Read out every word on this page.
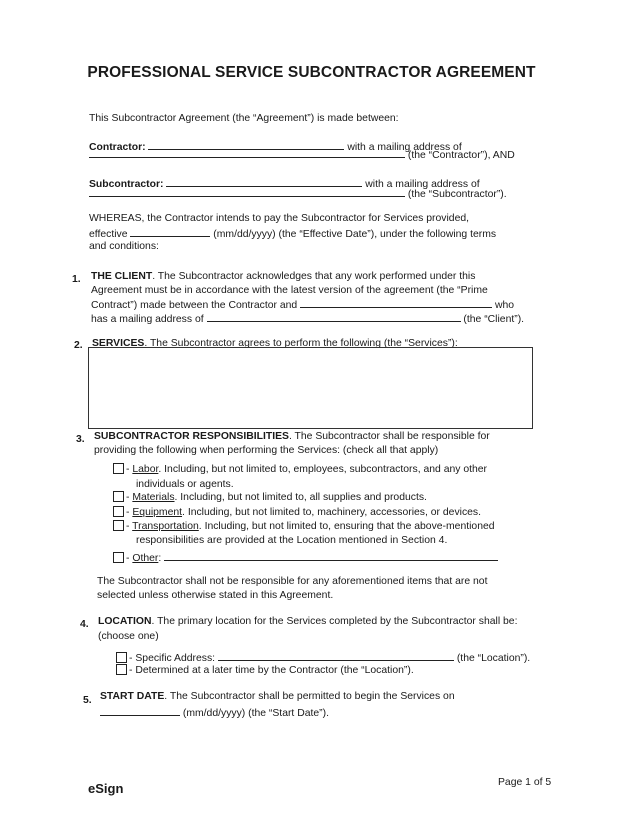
PROFESSIONAL SERVICE SUBCONTRACTOR AGREEMENT
This Subcontractor Agreement (the “Agreement”) is made between:
Contractor:	with a mailing address of
(the “Contractor”), AND
Subcontractor:	with a mailing address of
(the “Subcontractor”).
WHEREAS, the Contractor intends to pay the Subcontractor for Services provided,
effective	(mm/dd/yyyy) (the “Effective Date”), under the following terms
and conditions:
1. THE CLIENT. The Subcontractor acknowledges that any work performed under this
Agreement must be in accordance with the latest version of the agreement (the “Prime
Contract”) made between the Contractor and	who
has a mailing address of	(the “Client”).
2. SERVICES. The Subcontractor agrees to perform the following (the “Services”):
3. SUBCONTRACTOR RESPONSIBILITIES. The Subcontractor shall be responsible for
providing the following when performing the Services: (check all that apply)
- Labor. Including, but not limited to, employees, subcontractors, and any other
individuals or agents.
- Materials. Including, but not limited to, all supplies and products.
- Equipment. Including, but not limited to, machinery, accessories, or devices.
- Transportation. Including, but not limited to, ensuring that the above-mentioned
responsibilities are provided at the Location mentioned in Section 4.
- Other:
The Subcontractor shall not be responsible for any aforementioned items that are not
selected unless otherwise stated in this Agreement.
4. LOCATION. The primary location for the Services completed by the Subcontractor shall be:
(choose one)
- Specific Address:	(the “Location”).
- Determined at a later time by the Contractor (the “Location”).
5. START DATE. The Subcontractor shall be permitted to begin the Services on
(mm/dd/yyyy) (the “Start Date”).
eSign	Page 1 of 5
